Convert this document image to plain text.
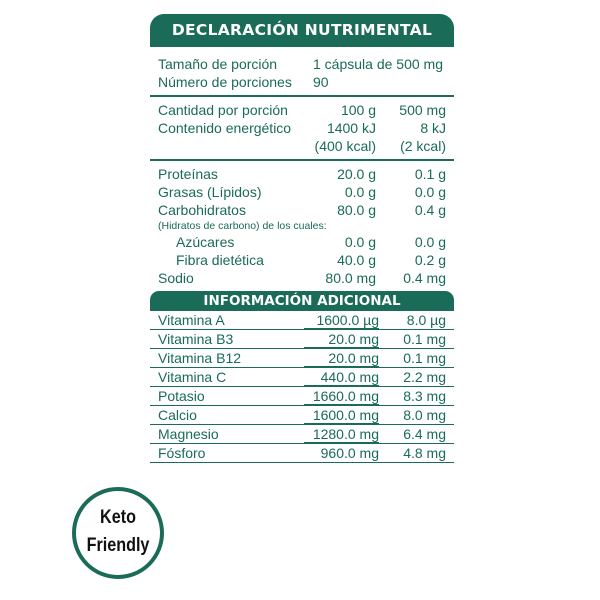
DECLARACIÓN NUTRIMENTAL
Tamaño de porción	1 cápsula de 500 mg
Número de porciones 90
Cantidad por porción	100 g 500 mg
Contenido energético	1400 kJ	8 kJ
(400 kcal) (2 kcal)
Proteínas	20.0 g	0.1 g
Grasas (Lípidos)	0.0 g	0.0 g
Carbohidratos	80.0 g	0.4 g
(Hidratos de carbono) de los cuales:
Azúcares	0.0 g	0.0 g
Fibra dietética	40.0 g	0.2 g
Sodio	80.0 mg 0.4 mg
INFORMACIÓN ADICIONAL
Vitamina A	1600.0 µg 8.0 µg
Vitamina B3	20.0 mg 0.1 mg
Vitamina B12	20.0 mg 0.1 mg
Vitamina C	440.0 mg 2.2 mg
Potasio	1660.0 mg 8.3 mg
Calcio	1600.0 mg 8.0 mg
Magnesio	1280.0 mg 6.4 mg
Fósforo	960.0 mg 4.8 mg
Keto
Friendly
